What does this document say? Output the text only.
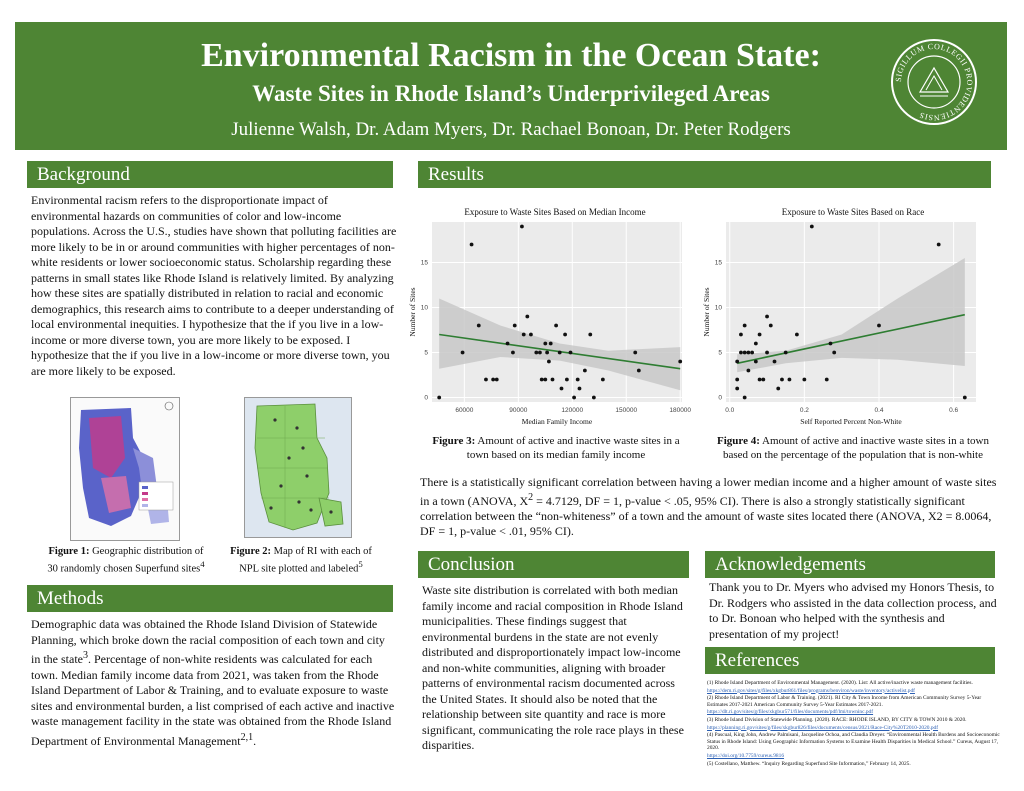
Environmental Racism in the Ocean State:
Waste Sites in Rhode Island’s Underprivileged Areas
Julienne Walsh, Dr. Adam Myers, Dr. Rachael Bonoan, Dr. Peter Rodgers
SIGILLUM COLLEGII PROVIDENTIENSIS
Background
Environmental racism refers to the disproportionate impact of environmental hazards on communities of color and low-income populations. Across the U.S., studies have shown that polluting facilities are more likely to be in or around communities with higher percentages of non-white residents or lower socioeconomic status. Scholarship regarding these patterns in small states like Rhode Island is relatively limited. By analyzing how these sites are spatially distributed in relation to racial and economic demographics, this research aims to contribute to a deeper understanding of local environmental inequities. I hypothesize that the if you live in a low-income or more diverse town, you are more likely to be exposed. I hypothesize that the if you live in a low-income or more diverse town, you are more likely to be exposed.
Figure 1: Geographic distribution of 30 randomly chosen Superfund sites$^4$
Figure 2: Map of RI with each of NPL site plotted and labeled$^5$
Methods
Demographic data was obtained the Rhode Island Division of Statewide Planning, which broke down the racial composition of each town and city in the state$^3$. Percentage of non-white residents was calculated for each town. Median family income data from 2021, was taken from the Rhode Island Department of Labor & Training, and to evaluate exposure to waste sites and environmental burden, a list comprised of each active and inactive waste management facility in the state was obtained from the Rhode Island Department of Environmental Management$^{2,1}$.
Results
Exposure to Waste Sites Based on Median Income
60000	90000	120000	150000	180000
0
5
10
15
Median Family Income
Number of Sites
Exposure to Waste Sites Based on Race
0.0	0.2	0.4	0.6
0
5
10
15
Self Reported Percent Non-White
Number of Sites
Figure 3: Amount of active and inactive waste sites in a town based on its median family income
Figure 4: Amount of active and inactive waste sites in a town based on the percentage of the population that is non-white
There is a statistically significant correlation between having a lower median income and a higher amount of waste sites in a town (ANOVA, $X^2 = 4.7129$, DF = 1, p-value < .05, 95% CI). There is also a strongly statistically significant correlation between the “non-whiteness” of a town and the amount of waste sites located there (ANOVA, X2 = 8.0064, DF = 1, p-value < .01, 95% CI).
Conclusion
Waste site distribution is correlated with both median family income and racial composition in Rhode Island municipalities. These findings suggest that environmental burdens in the state are not evenly distributed and disproportionately impact low-income and non-white communities, aligning with broader patterns of environmental racism documented across the United States. It should also be noted that the relationship between site quantity and race is more significant, communicating the role race plays in these disparities.
Acknowledgements
Thank you to Dr. Myers who advised my Honors Thesis, to Dr. Rodgers who assisted in the data collection process, and to Dr. Bonoan who helped with the synthesis and presentation of my project!
References
(1) Rhode Island Department of Environmental Management. (2020). List: All active/inactive waste management facilities.
https://dem.ri.gov/sites/g/files/xkgbur861/files/programs/benviron/waste/inventory/activelist.pdf
(2) Rhode Island Department of Labor & Training. (2021). RI City & Town Income from American Community Survey 5-Year Estimates 2017-2021 American Community Survey 5-Year Estimates 2017-2021.
https://dlt.ri.gov/sites/g/files/xkgbur571/files/documents/pdf/lmi/towninc.pdf
(3) Rhode Island Division of Statewide Planning. (2020). RACE: RHODE ISLAND, BY CITY & TOWN 2010 & 2020.
https://planning.ri.gov/sites/g/files/xkgbur826/files/documents/census/2021/Race-City%20T2010-2020.pdf
(4) Pascual, King John, Andrew Palmisani, Jacqueline Ochoa, and Claudia Dreyer. “Environmental Health Burdens and Socioeconomic Status in Rhode Island: Using Geographic Information Systems to Examine Health Disparities in Medical School.” Cureus, August 17, 2020.
https://doi.org/10.7759/cureus.9816
(5) Costellano, Matthew. “Inquiry Regarding Superfund Site Information,” February 14, 2025.
